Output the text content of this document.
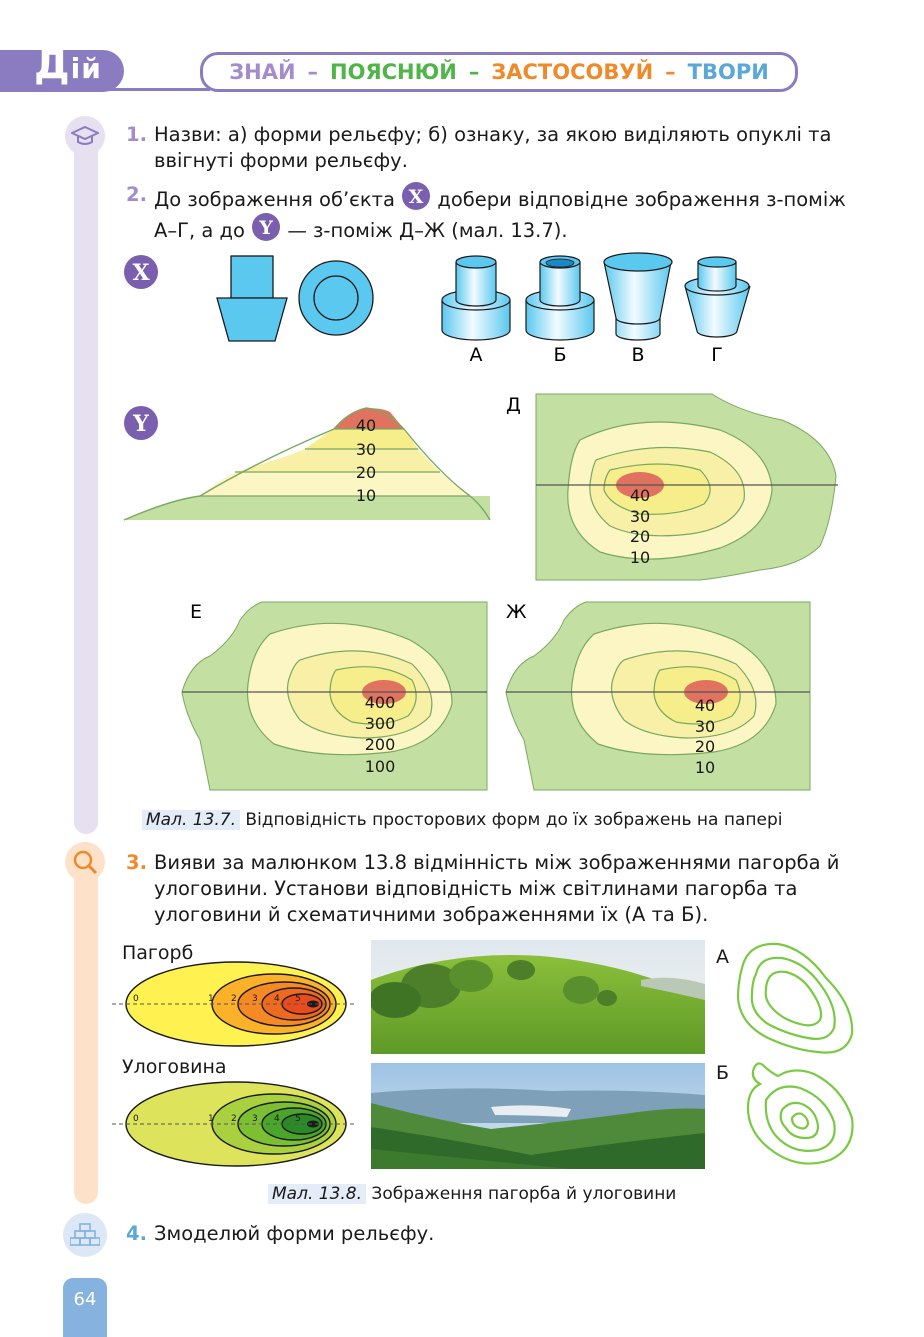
Дій	ЗНАЙ – ПОЯСНЮЙ – ЗАСТОСОВУЙ – ТВОРИ
1. Назви: а) форми рельєфу; б) ознаку, за якою виділяють опуклі та ввігнуті форми рельєфу.
2. До зображення об’єкта X добери відповідне зображення з-поміж А–Г, а до Y — з-поміж Д–Ж (мал. 13.7).
X
А	Б	В	Г
Y	40
30
20
10
Д
40
30
20
10
Е
400
300
200
100
Ж
40
30
20
10
Мал. 13.7. Відповідність просторових форм до їх зображень на папері
3. Вияви за малюнком 13.8 відмінність між зображеннями пагорба й улоговини. Установи відповідність між світлинами пагорба та улоговини й схематичними зображеннями їх (А та Б).
Пагорб
Улоговина
0	1 2 3 4 5
0	1 2 3 4 5
А
Б
Мал. 13.8. Зображення пагорба й улоговини
4. Змоделюй форми рельєфу.
64
